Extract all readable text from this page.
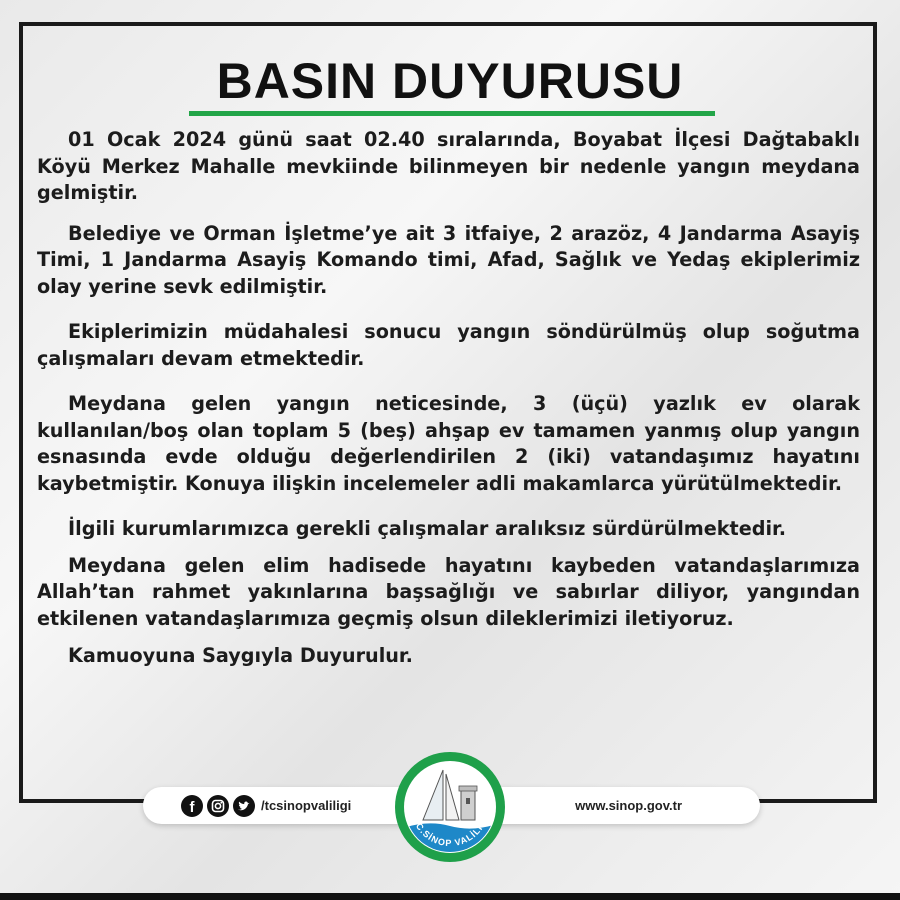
BASIN DUYURUSU

01 Ocak 2024 günü saat 02.40 sıralarında, Boyabat İlçesi Dağtabaklı Köyü Merkez Mahalle mevkiinde bilinmeyen bir nedenle yangın meydana gelmiştir.

Belediye ve Orman İşletme’ye ait 3 itfaiye, 2 arazöz, 4 Jandarma Asayiş Timi, 1 Jandarma Asayiş Komando timi, Afad, Sağlık ve Yedaş ekiplerimiz olay yerine sevk edilmiştir.

Ekiplerimizin müdahalesi sonucu yangın söndürülmüş olup soğutma çalışmaları devam etmektedir.

Meydana gelen yangın neticesinde, 3 (üçü) yazlık ev olarak kullanılan/boş olan toplam 5 (beş) ahşap ev tamamen yanmış olup yangın esnasında evde olduğu değerlendirilen 2 (iki) vatandaşımız hayatını kaybetmiştir. Konuya ilişkin incelemeler adli makamlarca yürütülmektedir.

İlgili kurumlarımızca gerekli çalışmalar aralıksız sürdürülmektedir.

Meydana gelen elim hadisede hayatını kaybeden vatandaşlarımıza Allah’tan rahmet yakınlarına başsağlığı ve sabırlar diliyor, yangından etkilenen vatandaşlarımıza geçmiş olsun dileklerimizi iletiyoruz.

Kamuoyuna Saygıyla Duyurulur.

f	/tcsinopvaliligi	www.sinop.gov.tr
T.C.SİNOP VALİLİĞİ
